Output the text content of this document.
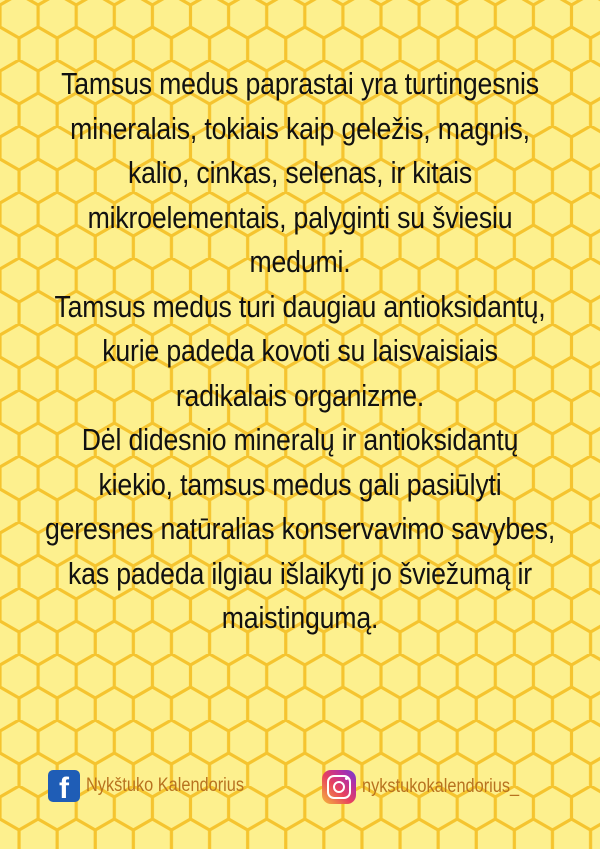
Tamsus medus paprastai yra turtingesnis
mineralais, tokiais kaip geležis, magnis,
kalio, cinkas, selenas, ir kitais
mikroelementais, palyginti su šviesiu
medumi.

Tamsus medus turi daugiau antioksidantų,
kurie padeda kovoti su laisvaisiais
radikalais organizme.

Dėl didesnio mineralų ir antioksidantų
kiekio, tamsus medus gali pasiūlyti
geresnes natūralias konservavimo savybes,
kas padeda ilgiau išlaikyti jo šviežumą ir
maistingumą.

f Nykštuko Kalendorius	nykstukokalendorius_
